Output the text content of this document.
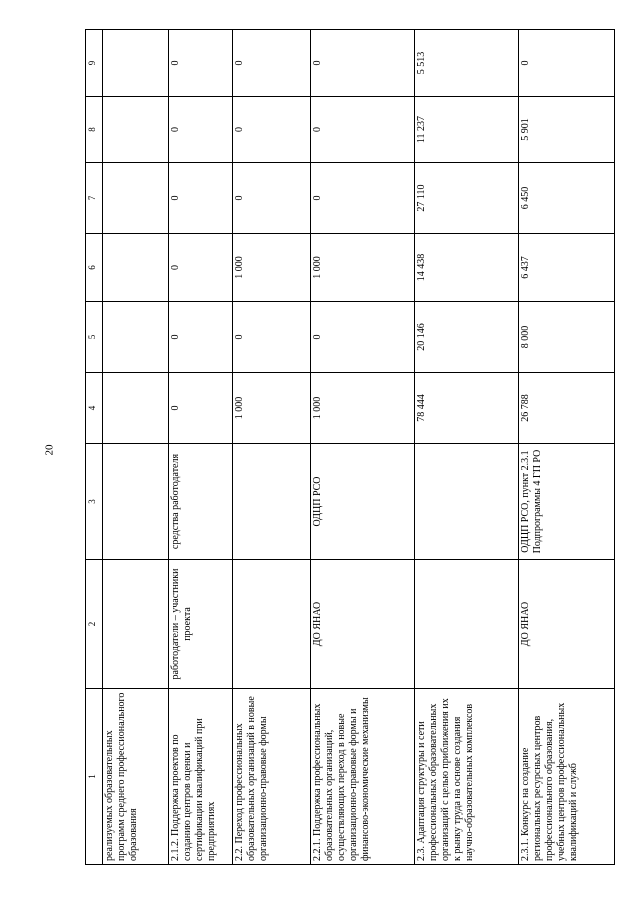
20
1	2	3	4	5	6	7	8	9
реализуемых образовательных программ среднего профессионального образования								
2.1.2. Поддержка проектов по созданию центров оценки и сертификации квалификаций при предприятиях	работодатели – участники проекта	средства работодателя	0	0	0	0	0	0
2.2. Переход профессиональных образовательных организаций в новые организационно-правовые формы			1 000	0	1 000	0	0	0
2.2.1. Поддержка профессиональных образовательных организаций, осуществляющих переход в новые организационно-правовые формы и финансово-экономические механизмы	ДО ЯНАО	ОДЦП РСО	1 000	0	1 000	0	0	0
2.3. Адаптация структуры и сети профессиональных образовательных организаций с целью приближения их к рынку труда на основе создания научно-образовательных комплексов			78 444	20 146	14 438	27 110	11 237	5 513
2.3.1. Конкурс на создание региональных ресурсных центров профессионального образования, учебных центров профессиональных квалификаций и служб	ДО ЯНАО	ОДЦП РСО, пункт 2.3.1 Подпрограммы 4 ГП РО	26 788	8 000	6 437	6 450	5 901	0
